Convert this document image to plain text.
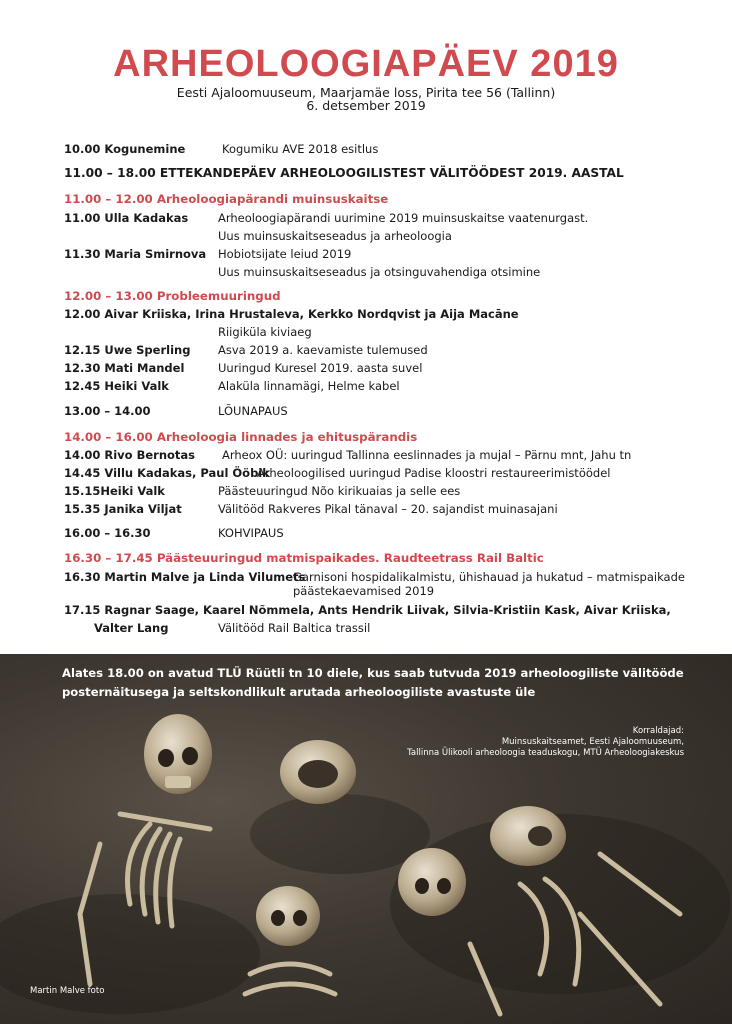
ARHEOLOOGIAPÄEV 2019
Eesti Ajaloomuuseum, Maarjamäe loss, Pirita tee 56 (Tallinn)
6. detsember 2019
10.00 Kogunemine	Kogumiku AVE 2018 esitlus
11.00 – 18.00 ETTEKANDEPÄEV ARHEOLOOGILISTEST VÄLITÖÖDEST 2019. AASTAL
11.00 – 12.00 Arheoloogiapärandi muinsuskaitse
11.00 Ulla Kadakas	Arheoloogiapärandi uurimine 2019 muinsuskaitse vaatenurgast.
Uus muinsuskaitseseadus ja arheoloogia
11.30 Maria Smirnova Hobiotsijate leiud 2019
Uus muinsuskaitseseadus ja otsinguvahendiga otsimine
12.00 – 13.00 Probleemuuringud
12.00 Aivar Kriiska, Irina Hrustaleva, Kerkko Nordqvist ja Aija Macāne
Riigiküla kiviaeg
12.15 Uwe Sperling Asva 2019 a. kaevamiste tulemused
12.30 Mati Mandel	Uuringud Kuresel 2019. aasta suvel
12.45 Heiki Valk	Alaküla linnamägi, Helme kabel
13.00 – 14.00	LÕUNAPAUS
14.00 – 16.00 Arheoloogia linnades ja ehituspärandis
14.00 Rivo Bernotas Arheox OÜ: uuringud Tallinna eeslinnades ja mujal – Pärnu mnt, Jahu tn
14.45 Villu Kadakas, Paul Ööbik
Arheoloogilised uuringud Padise kloostri restaureerimistöödel
15.15Heiki Valk	Päästeuuringud Nõo kirikuaias ja selle ees
15.35 Janika Viljat	Välitööd Rakveres Pikal tänaval – 20. sajandist muinasajani
16.00 – 16.30	KOHVIPAUS
16.30 – 17.45 Päästeuuringud matmispaikades. Raudteetrass Rail Baltic
16.30 Martin Malve ja Linda Vilumets
Garnisoni hospidalikalmistu, ühishauad ja hukatud – matmispaikade
päästekaevamised 2019
17.15 Ragnar Saage, Kaarel Nõmmela, Ants Hendrik Liivak, Silvia-Kristiin Kask, Aivar Kriiska,
Valter Lang	Välitööd Rail Baltica trassil
Alates 18.00 on avatud TLÜ Rüütli tn 10 diele, kus saab tutvuda 2019 arheoloogiliste välitööde
posternäitusega ja seltskondlikult arutada arheoloogiliste avastuste üle
Korraldajad:
Muinsuskaitseamet, Eesti Ajaloomuuseum,
Tallinna Ülikooli arheoloogia teaduskogu, MTÜ Arheoloogiakeskus
Martin Malve foto
